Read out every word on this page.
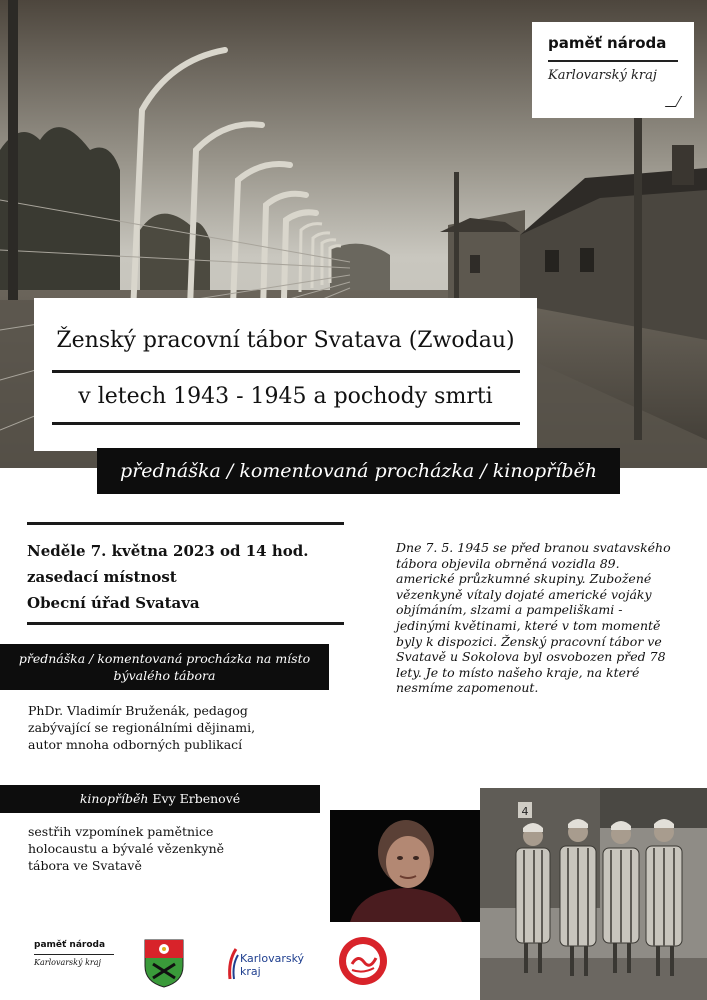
paměť národa
Karlovarský kraj
Ženský pracovní tábor Svatava (Zwodau)
v letech 1943 - 1945 a pochody smrti
přednáška / komentovaná procházka / kinopříběh
Neděle 7. května 2023 od 14 hod.
zasedací místnost
Obecní úřad Svatava
přednáška / komentovaná procházka na místo
bývalého tábora
PhDr. Vladimír Bruženák, pedagog
zabývající se regionálními dějinami,
autor mnoha odborných publikací
kinopříběh Evy Erbenové
sestřih vzpomínek pamětnice
holocaustu a bývalé vězenkyně
tábora ve Svatavě
Dne 7. 5. 1945 se před branou svatavského
tábora objevila obrněná vozidla 89.
americké průzkumné skupiny. Zubožené
vězenkyně vítaly dojaté americké vojáky
objímáním, slzami a pampeliškami -
jedinými květinami, které v tom momentě
byly k dispozici. Ženský pracovní tábor ve
Svatavě u Sokolova byl osvobozen před 78
lety. Je to místo našeho kraje, na které
nesmíme zapomenout.
4
paměť národa
Karlovarský kraj	Karlovarský
kraj
